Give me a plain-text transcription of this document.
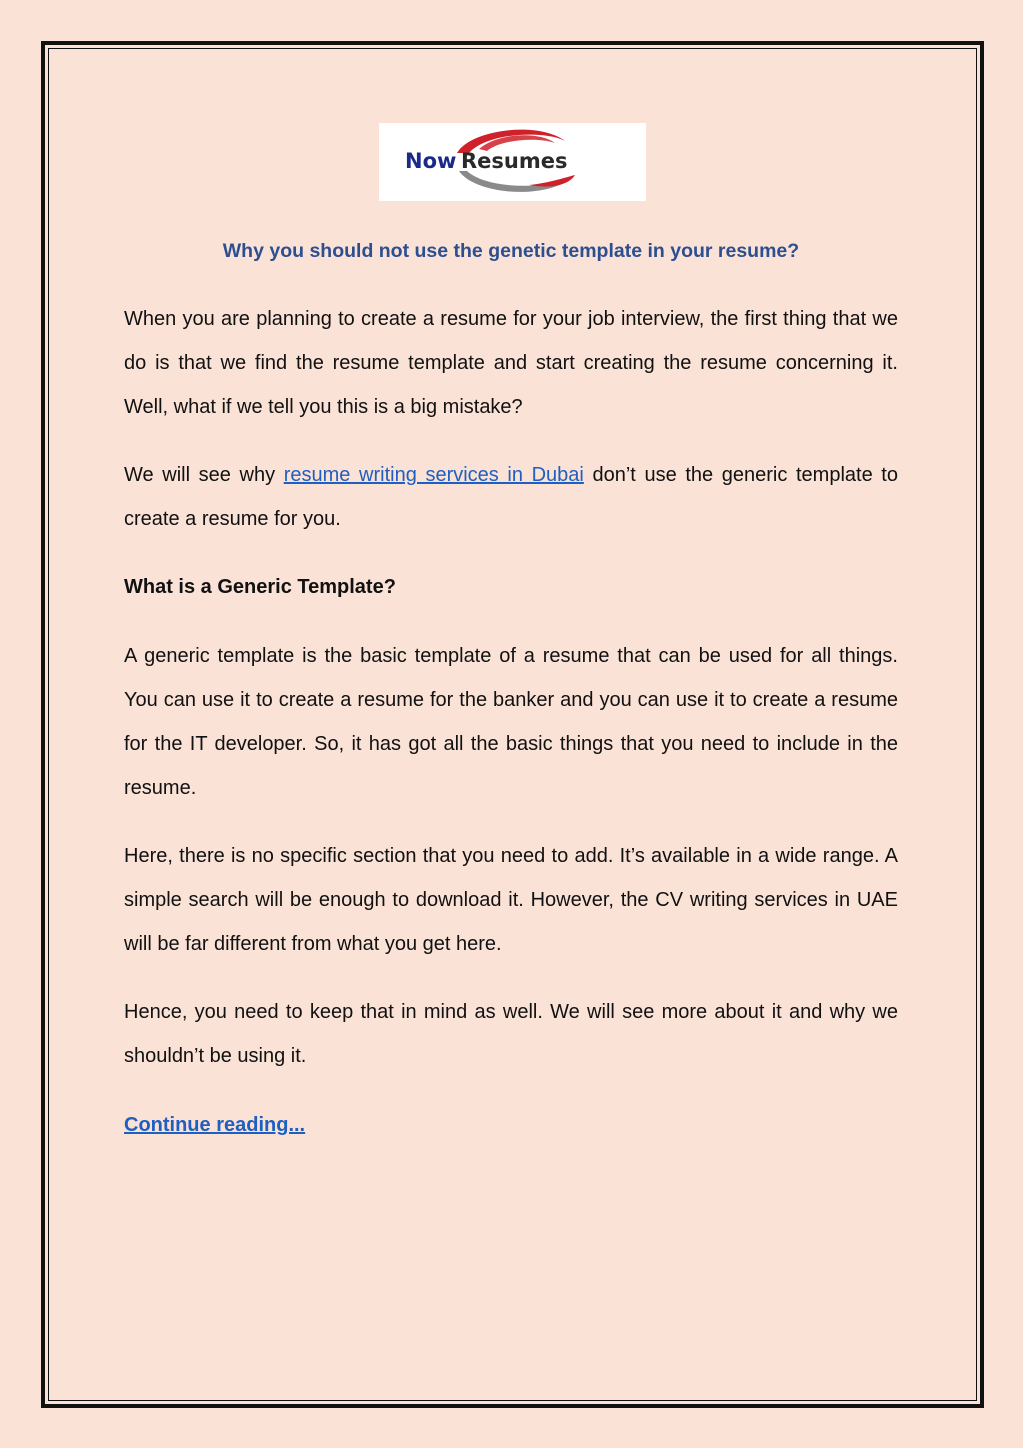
Now Resumes
Why you should not use the genetic template in your resume?

When you are planning to create a resume for your job interview, the first thing that we do is that we find the resume template and start creating the resume concerning it. Well, what if we tell you this is a big mistake?

We will see why resume writing services in Dubai don’t use the generic template to create a resume for you.

What is a Generic Template?

A generic template is the basic template of a resume that can be used for all things. You can use it to create a resume for the banker and you can use it to create a resume for the IT developer. So, it has got all the basic things that you need to include in the resume.

Here, there is no specific section that you need to add. It’s available in a wide range. A simple search will be enough to download it. However, the CV writing services in UAE will be far different from what you get here.

Hence, you need to keep that in mind as well. We will see more about it and why we shouldn’t be using it.

Continue reading...
